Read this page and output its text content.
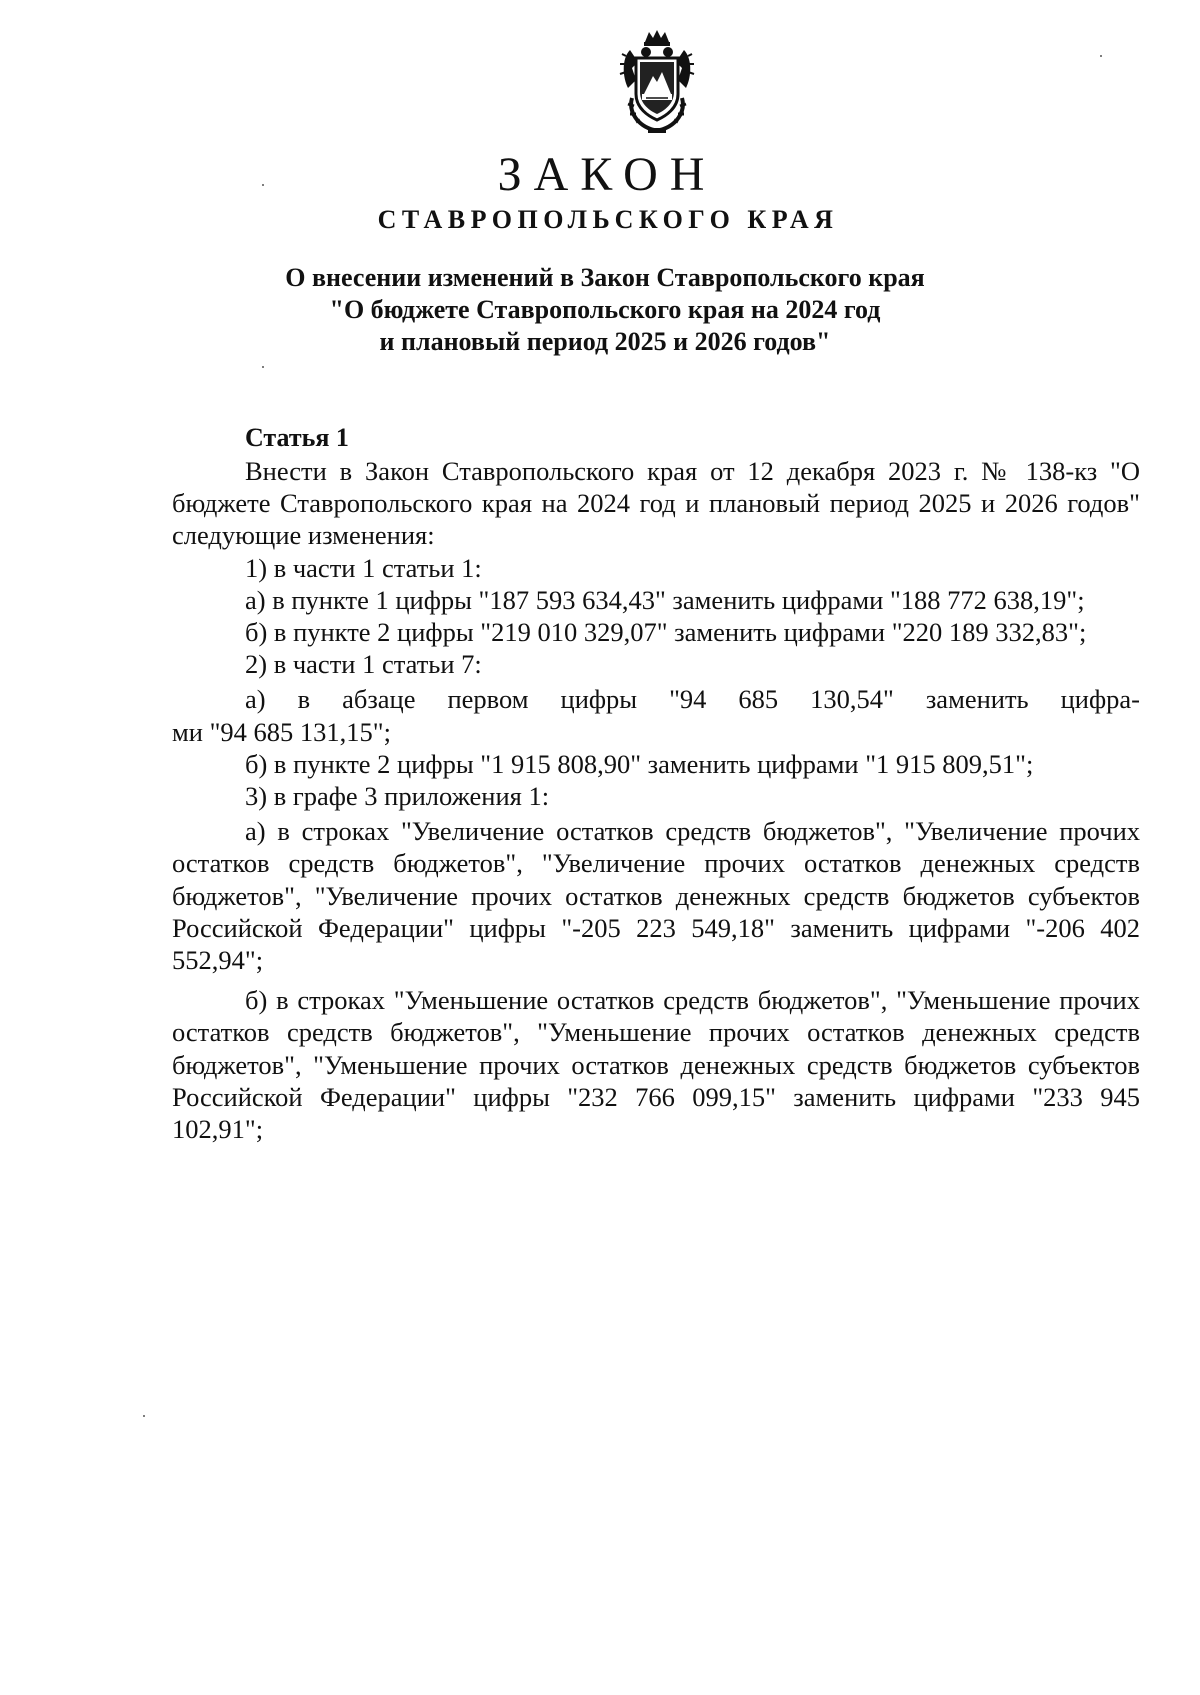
ЗАКОН
СТАВРОПОЛЬСКОГО КРАЯ
О внесении изменений в Закон Ставропольского края
"О бюджете Ставропольского края на 2024 год
и плановый период 2025 и 2026 годов"
Статья 1
Внести в Закон Ставропольского края от 12 декабря 2023 г. № 138-кз "О бюджете Ставропольского края на 2024 год и плановый период 2025 и 2026 годов" следующие изменения:
1) в части 1 статьи 1:
а) в пункте 1 цифры "187 593 634,43" заменить цифрами "188 772 638,19";
б) в пункте 2 цифры "219 010 329,07" заменить цифрами "220 189 332,83";
2) в части 1 статьи 7:
а) в абзаце первом цифры "94 685 130,54" заменить цифра-
ми "94 685 131,15";
б) в пункте 2 цифры "1 915 808,90" заменить цифрами "1 915 809,51";
3) в графе 3 приложения 1:
а) в строках "Увеличение остатков средств бюджетов", "Увеличение прочих остатков средств бюджетов", "Увеличение прочих остатков денежных средств бюджетов", "Увеличение прочих остатков денежных средств бюджетов субъектов Российской Федерации" цифры "-205 223 549,18" заменить цифрами "-206 402 552,94";
б) в строках "Уменьшение остатков средств бюджетов", "Уменьшение прочих остатков средств бюджетов", "Уменьшение прочих остатков денежных средств бюджетов", "Уменьшение прочих остатков денежных средств бюджетов субъектов Российской Федерации" цифры "232 766 099,15" заменить цифрами "233 945 102,91";
